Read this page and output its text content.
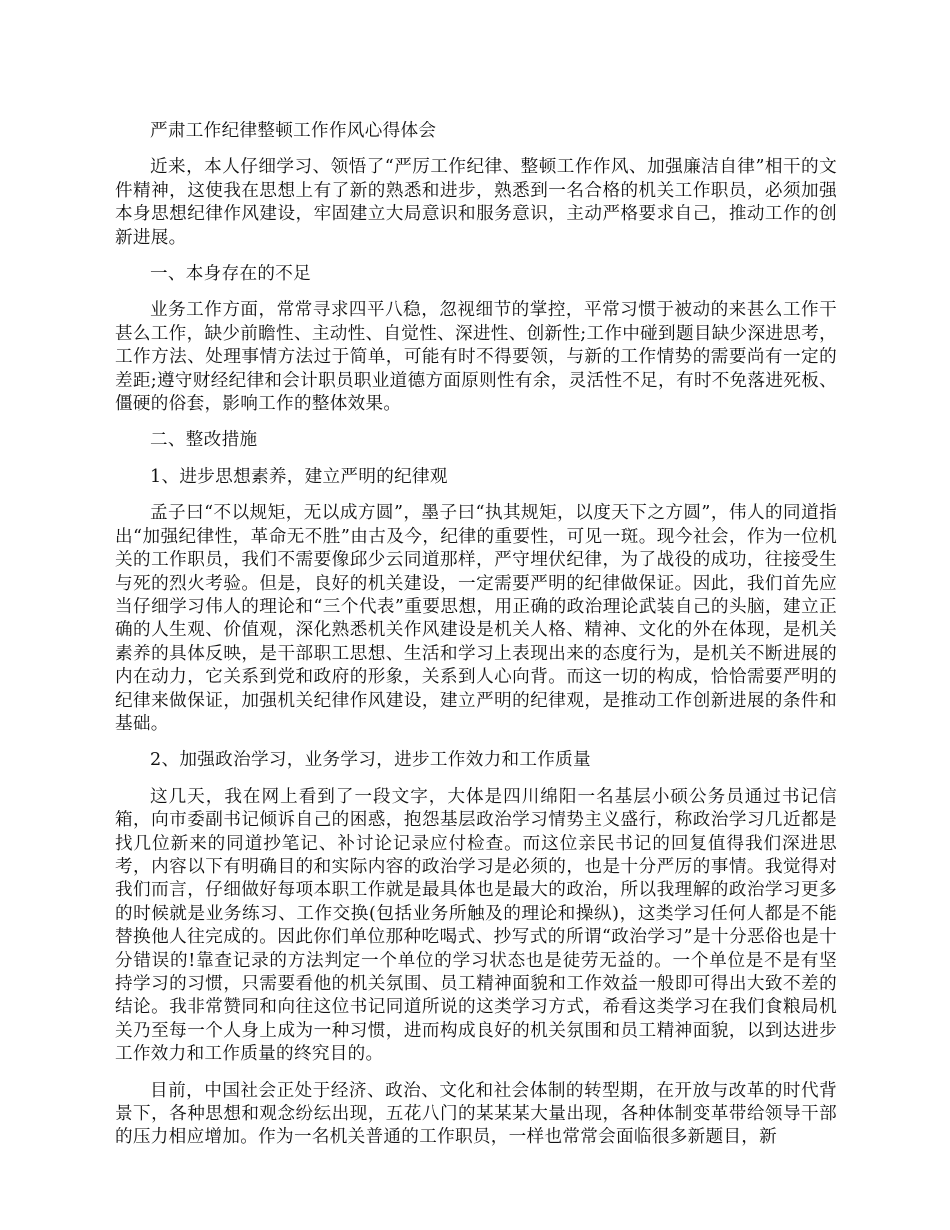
严肃工作纪律整顿工作作风心得体会

近来，本人仔细学习、领悟了“严厉工作纪律、整顿工作作风、加强廉洁自律”相干的文件精神，这使我在思想上有了新的熟悉和进步，熟悉到一名合格的机关工作职员，必须加强本身思想纪律作风建设，牢固建立大局意识和服务意识，主动严格要求自己，推动工作的创新进展。

一、本身存在的不足

业务工作方面，常常寻求四平八稳，忽视细节的掌控，平常习惯于被动的来甚么工作干甚么工作，缺少前瞻性、主动性、自觉性、深进性、创新性;工作中碰到题目缺少深进思考，工作方法、处理事情方法过于简单，可能有时不得要领，与新的工作情势的需要尚有一定的差距;遵守财经纪律和会计职员职业道德方面原则性有余，灵活性不足，有时不免落进死板、僵硬的俗套，影响工作的整体效果。

二、整改措施

1、进步思想素养，建立严明的纪律观

孟子曰“不以规矩，无以成方圆”，墨子曰“执其规矩，以度天下之方圆”，伟人的同道指出“加强纪律性，革命无不胜”由古及今，纪律的重要性，可见一斑。现今社会，作为一位机关的工作职员，我们不需要像邱少云同道那样，严守埋伏纪律，为了战役的成功，往接受生与死的烈火考验。但是，良好的机关建设，一定需要严明的纪律做保证。因此，我们首先应当仔细学习伟人的理论和“三个代表”重要思想，用正确的政治理论武装自己的头脑，建立正确的人生观、价值观，深化熟悉机关作风建设是机关人格、精神、文化的外在体现，是机关素养的具体反映，是干部职工思想、生活和学习上表现出来的态度行为，是机关不断进展的内在动力，它关系到党和政府的形象，关系到人心向背。而这一切的构成，恰恰需要严明的纪律来做保证，加强机关纪律作风建设，建立严明的纪律观，是推动工作创新进展的条件和基础。

2、加强政治学习，业务学习，进步工作效力和工作质量

这几天，我在网上看到了一段文字，大体是四川绵阳一名基层小硕公务员通过书记信箱，向市委副书记倾诉自己的困惑，抱怨基层政治学习情势主义盛行，称政治学习几近都是找几位新来的同道抄笔记、补讨论记录应付检查。而这位亲民书记的回复值得我们深进思考，内容以下有明确目的和实际内容的政治学习是必须的，也是十分严厉的事情。我觉得对我们而言，仔细做好每项本职工作就是最具体也是最大的政治，所以我理解的政治学习更多的时候就是业务练习、工作交换(包括业务所触及的理论和操纵)，这类学习任何人都是不能替换他人往完成的。因此你们单位那种吃喝式、抄写式的所谓“政治学习”是十分恶俗也是十分错误的!靠查记录的方法判定一个单位的学习状态也是徒劳无益的。一个单位是不是有坚持学习的习惯，只需要看他的机关氛围、员工精神面貌和工作效益一般即可得出大致不差的结论。我非常赞同和向往这位书记同道所说的这类学习方式，希看这类学习在我们食粮局机关乃至每一个人身上成为一种习惯，进而构成良好的机关氛围和员工精神面貌，以到达进步工作效力和工作质量的终究目的。

目前，中国社会正处于经济、政治、文化和社会体制的转型期，在开放与改革的时代背景下，各种思想和观念纷纭出现，五花八门的某某某大量出现，各种体制变革带给领导干部的压力相应增加。作为一名机关普通的工作职员，一样也常常会面临很多新题目，新
